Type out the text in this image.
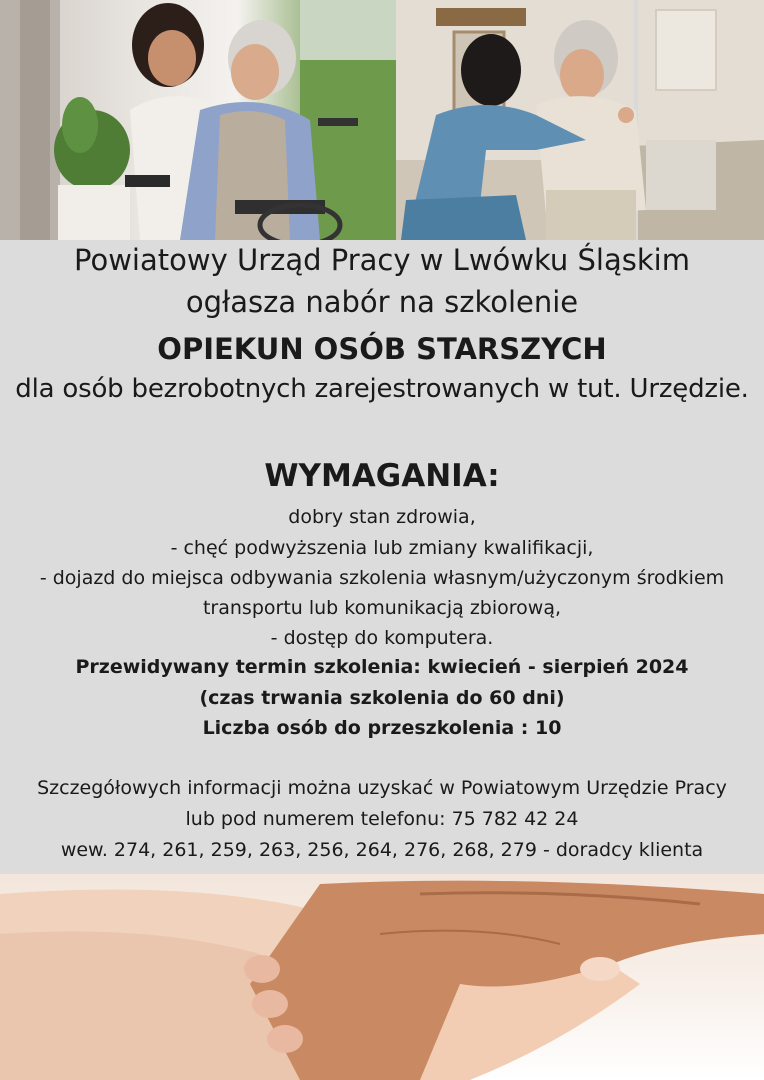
Powiatowy Urząd Pracy w Lwówku Śląskim
ogłasza nabór na szkolenie
OPIEKUN OSÓB STARSZYCH
dla osób bezrobotnych zarejestrowanych w tut. Urzędzie.
WYMAGANIA:
dobry stan zdrowia,
- chęć podwyższenia lub zmiany kwalifikacji,
- dojazd do miejsca odbywania szkolenia własnym/użyczonym środkiem
transportu lub komunikacją zbiorową,
- dostęp do komputera.
Przewidywany termin szkolenia: kwiecień - sierpień 2024
(czas trwania szkolenia do 60 dni)
Liczba osób do przeszkolenia : 10
Szczegółowych informacji można uzyskać w Powiatowym Urzędzie Pracy
lub pod numerem telefonu: 75 782 42 24
wew. 274, 261, 259, 263, 256, 264, 276, 268, 279 - doradcy klienta
